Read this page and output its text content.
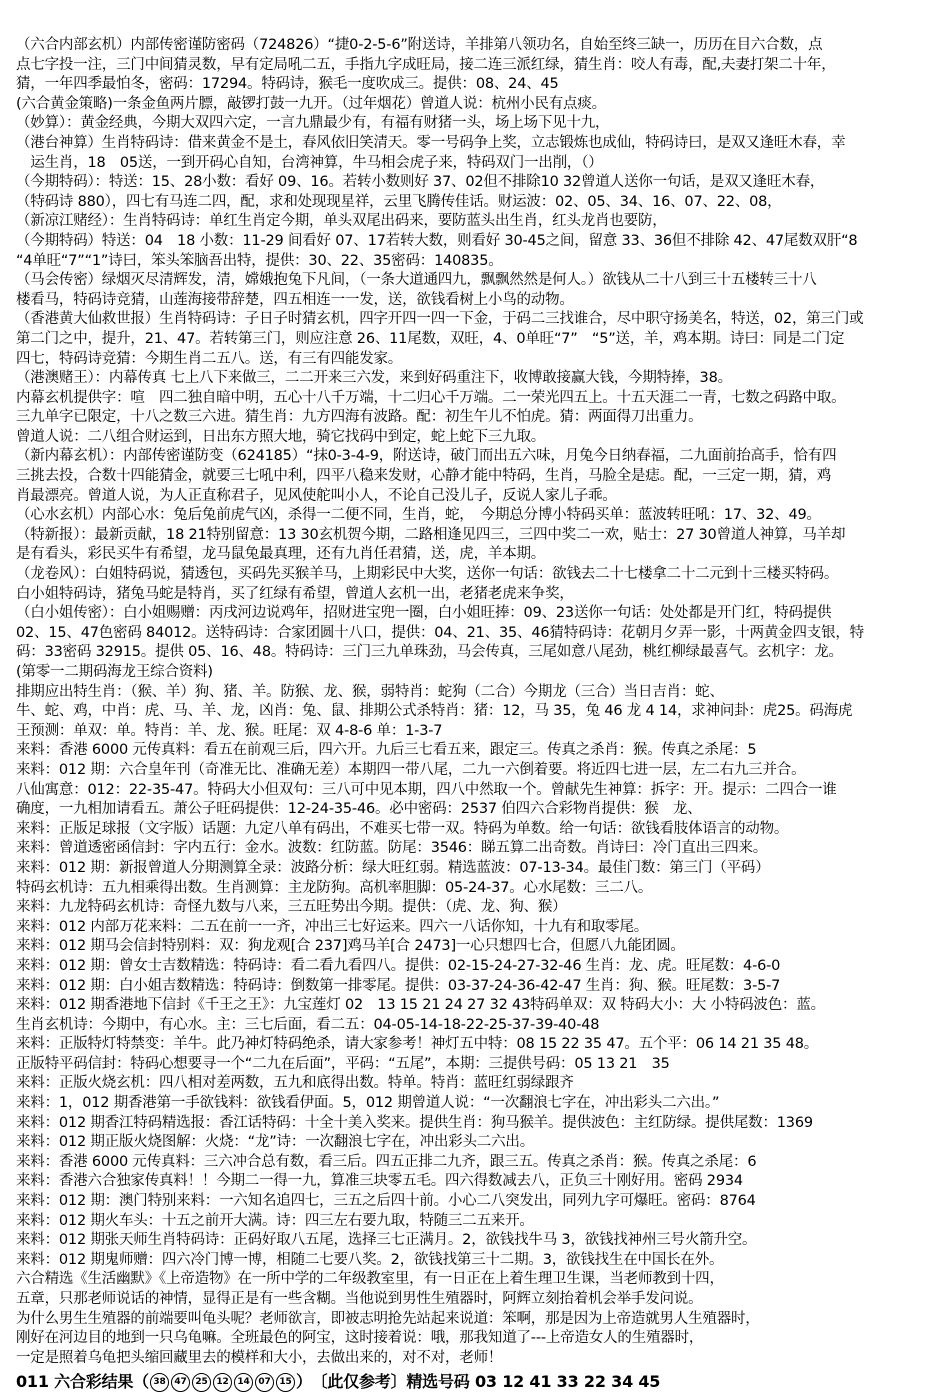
（六合内部玄机）内部传密谨防密码（724826）“捷0-2-5-6”附送诗，羊排第八领功名，自始至终三缺一，历历在目六合数，点

点七字投一注，三门中间猜灵数，早有定局吼二五，手指九字成旺局，接二连三派红绿，猜生肖：咬人有毒，配,夫妻打架二十年，

猜，一年四季最怕冬，密码：17294。特码诗，猴毛一度吹成三。提供：08、24、45

(六合黄金策略)一条金鱼两片膘，敲锣打鼓一九开。（过年烟花）曾道人说：杭州小民有点痰。

（妙算）：黄金经典，今期大双四六定，一言九鼎最少有，有福有财猪一头，场上场下见十九，

（港台神算）生肖特码诗：借来黄金不是土，春风依旧笑清天。零一号码争上奖，立志锻炼也成仙，特码诗曰，是双又逢旺木春，幸

　运生肖，18　05送，一到开码心自知，台湾神算，牛马相会虎子来，特码双门一出削，（）

（今期特码）：特送：15、28小数：看好 09、16。若转小数则好 37、02但不排除10 32曾道人送你一句话，是双又逢旺木春，

（特码诗 880），四七有马连二四，配，求和处现现星祥，云里飞腾传佳话。财运波：02、05、34、16、07、22、08，

（新凉江赌经）：生肖特码诗：单红生肖定今期，单头双尾出码来，要防蓝头出生肖，红头龙肖也要防，

（今期特码）特送：04　18 小数：11-29 间看好 07、17若转大数，则看好 30-45之间，留意 33、36但不排除 42、47尾数双肝“8

“4单旺“7”“1”诗曰，笨头笨脑吾出特，提供：30、22、35密码：140835。

（马会传密）绿烟灭尽清辉发，清，嫦娥抱兔下凡间，（一条大道通四九，飘飘然然是何人。）欲钱从二十八到三十五楼转三十八

楼看马，特码诗竞猜，山莲海接带辞楚，四五相连一一发，送，欲钱看树上小鸟的动物。

（香港黄大仙救世报）生肖特码诗：子日子时猜玄机，四字开四一四一下金，于码二三找谁合，尽中职守扬美名，特送，02，第三门或

第二门之中，提升，21、47。若转第三门，则应注意 26、11尾数，双旺，4、0单旺“7”　“5”送，羊，鸡本期。诗曰：同是二门定

四七，特码诗竞猜：今期生肖二五八。送，有三有四能发家。

（港澳赌王）：内幕传真 七上八下来做三，二二开来三六发，来到好码重注下，收博敢接赢大钱，今期特捧，38。

内幕玄机提供字：喧　四二独自暗中明，五心十八千万端，十二归心千万端。二一荣光四五上。十五天涯二一青，七数之码路中取。

三九单字已限定，十八之数三六进。猜生肖：九方四海有波路。配：初生午儿不怕虎。猜：两面得刀出重力。

曾道人说：二八组合财运到，日出东方照大地，骑它找码中到定，蛇上蛇下三九取。

（新内幕玄机）：内部传密谨防变（624185）“抹0-3-4-9，附送诗，破门而出五六味，月兔今日纳春福，二九面前抬高手，恰有四

三挑去投，合数十四能猜金，就要三七吼中利，四平八稳来发财，心静才能中特码，生肖，马脸全是痣。配，一三定一期，猜，鸡

肖最漂亮。曾道人说，为人正直称君子，见风使舵叫小人，不论自己没儿子，反说人家儿子乖。

（心水玄机）内部心水：兔后兔前虎气凶，杀得一二便不同，生肖，蛇，　今期总分博小特码买单：蓝波转旺吼：17、32、49。

（特新报）：最新贡献，18 21特别留意：13 30玄机贺今期，二路相逢见四三，三四中奖二一欢，贴士：27 30曾道人神算，马羊却

是有看头，彩民买牛有希望，龙马鼠兔最真理，还有九肖任君猜，送，虎，羊本期。

（龙卷风）：白姐特码说，猜透包，买码先买猴羊马，上期彩民中大奖，送你一句话：欲钱去二十七楼拿二十二元到十三楼买特码。

白小姐特码诗，猪兔马蛇是特肖，买了红绿有希望，曾道人玄机一出，老猪老虎来争奖，

（白小姐传密）：白小姐赐赠：丙戌河边说鸡年，招财进宝兜一圈，白小姐旺捧：09、23送你一句话：处处都是开门红，特码提供

02、15、47色密码 84012。送特码诗：合家团圆十八口，提供：04、21、35、46猜特码诗：花朝月夕弄一影，十两黄金四支银，特

码：33密码 32915。提供 05、16、48。特码诗：三门三九单珠劲，马会传真，三尾如意八尾劲，桃红柳绿最喜气。玄机字：龙。

(第零一二期码海龙王综合资料)

排期应出特生肖：（猴、羊）狗、猪、羊。防猴、龙、猴，弱特肖：蛇狗（二合）今期龙（三合）当日吉肖：蛇、

牛、蛇、鸡，中肖：虎、马、羊、龙，凶肖：兔、鼠、排期公式杀特肖：猪：12，马 35，兔 46 龙 4 14，求神问卦：虎25。码海虎

王预测：单双：单。特肖：羊、龙、猴。旺尾：双 4-8-6 单：1-3-7

来料：香港 6000 元传真料：看五在前观三后，四六开。九后三七看五来，跟定三。传真之杀肖：猴。传真之杀尾：5

来料：012 期：六合皇年刊（奇准无比、准确无差）本期四一带八尾，二九一六倒着要。将近四七进一层，左二右九三并合。

八仙寓意：012：22-35-47。特码大小但双句：三八可中见本期，四八中然取一个。曾献先生神算：拆字：开。提示：二四合一谁

确度，一九相加请看五。萧公子旺码提供：12-24-35-46。必中密码：2537 伯四六合彩物肖提供：猴　龙、

来料：正版足球报（文字版）话题：九定八单有码出，不难买七带一双。特码为单数。给一句话：欲钱看肢体语言的动物。

来料：曾道透密函信封：字内五行：金水。波数：红防蓝。防尾：3546：睇五算二出奇数。肖诗曰：冷门直出三四来。

来料：012 期：新报曾道人分期测算全录：波路分析：绿大旺红弱。精选蓝波：07-13-34。最佳门数：第三门（平码）

特码玄机诗：五九相乘得出数。生肖测算：主龙防狗。高机率胆脚：05-24-37。心水尾数：三二八。

来料：九龙特码玄机诗：奇怪九数与八来，三五旺势出今期。提供：（虎、龙、狗、猴）

来料：012 内部万花来料：二五在前一一齐，冲出三七好运来。四六一八话你知，十九有和取零尾。

来料：012 期马会信封特别料：双：狗龙观[合 237]鸡马羊[合 2473]一心只想四七合，但愿八九能团圆。

来料：012 期：曾女士吉数精选：特码诗：看二看九看四八。提供：02-15-24-27-32-46 生肖：龙、虎。旺尾数：4-6-0

来料：012 期：白小姐吉数精选：特码诗：倒数第一排零尾。提供：03-37-24-36-42-47 生肖：狗、猴。旺尾数：3-5-7

来料：012 期香港地下信封《千王之王》：九宝莲灯 02　13 15 21 24 27 32 43特码单双：双 特码大小：大 小特码波色：蓝。

生肖玄机诗：今期中，有心水。主：三七后面，看二五：04-05-14-18-22-25-37-39-40-48

来料：正版特灯特禁变：羊牛。此乃神灯特码绝杀，请大家参考！神灯五中特：08 15 22 35 47。五个平：06 14 21 35 48。

正版特平码信封：特码心想要寻一个“二九在后面”，平码：“五尾”，本期：三提供号码：05 13 21　35

来料：正版火烧玄机：四八相对差两数，五九和底得出数。特单。特肖：蓝旺红弱绿跟齐

来料：1，012 期香港第一手欲钱料：欲钱看伊面。5，012 期曾道人说：“一次翻浪七字在，冲出彩头二六出。”

来料：012 期香江特码精选报：香江话特码：十全十美入奖来。提供生肖：狗马猴羊。提供波色：主红防绿。提供尾数：1369

来料：012 期正版火烧图解：火烧：“龙”诗：一次翻浪七字在，冲出彩头二六出。

来料：香港 6000 元传真料：三六冲合总有数，看三后。四五正排二九齐，跟三五。传真之杀肖：猴。传真之杀尾：6

来料：香港六合独家传真料！！今期二一得一九，算准三块零五毛。四六得数减去八，正负三十刚好用。密码 2934

来料：012 期：澳门特别来料：一六知名追四七，三五之后四十前。小心二八突发出，同列九字可爆旺。密码：8764

来料：012 期火车头：十五之前开大满。诗：四三左右要九取，特随三二五来开。

来料：012 期张天师生肖特码诗：正码好取八五尾，选择三七正满月。2，欲钱找牛马 3，欲钱找神州三号火箭升空。

来料：012 期鬼师赠：四六冷门博一博，相随二七要八奖。2，欲钱找第三十二期。3，欲钱找生在中国长在外。

六合精选《生活幽默》《上帝造物》在一所中学的二年级教室里，有一日正在上着生理卫生课，当老师教到十四，

五章，只那老师说话的神情，显得正是有一些含糊。当他说到男性生殖器时，阿辉立刻抬着机会举手发问说。

为什么男生生殖器的前端要叫龟头呢？老师欲言，即被志明抢先站起来说道：笨啊，那是因为上帝造就男人生殖器时，

刚好在河边目的地到一只乌龟嘛。全班最色的阿宝，这时接着说：哦，那我知道了---上帝造女人的生殖器时，

一定是照着乌龟把头缩回藏里去的模样和大小，去做出来的，对不对，老师！

011 六合彩结果（ 38 47 25 12 14 07 15 ）　〔此仅参考〕精选号码 03 12 41 33 22 34 45
